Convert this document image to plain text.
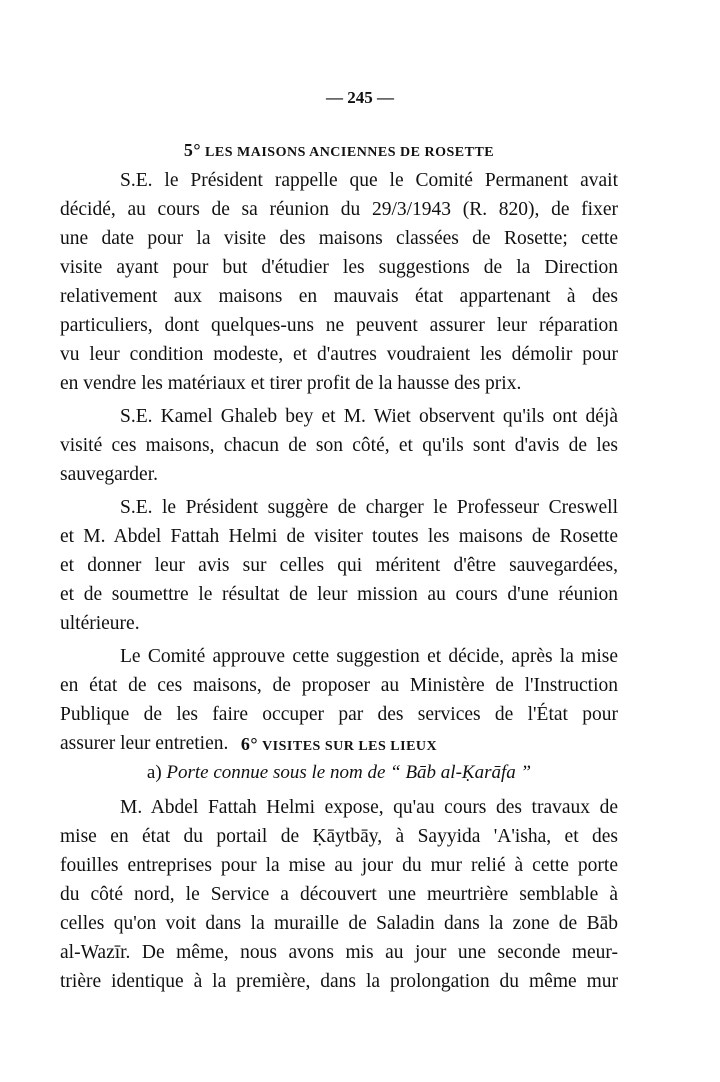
— 245 —
5° LES MAISONS ANCIENNES DE ROSETTE
S.E. le Président rappelle que le Comité Permanent avait
décidé, au cours de sa réunion du 29/3/1943 (R. 820), de fixer
une date pour la visite des maisons classées de Rosette; cette
visite ayant pour but d'étudier les suggestions de la Direction
relativement aux maisons en mauvais état appartenant à des
particuliers, dont quelques-uns ne peuvent assurer leur réparation
vu leur condition modeste, et d'autres voudraient les démolir pour
en vendre les matériaux et tirer profit de la hausse des prix.
S.E. Kamel Ghaleb bey et M. Wiet observent qu'ils ont déjà
visité ces maisons, chacun de son côté, et qu'ils sont d'avis de les
sauvegarder.
S.E. le Président suggère de charger le Professeur Creswell
et M. Abdel Fattah Helmi de visiter toutes les maisons de Rosette
et donner leur avis sur celles qui méritent d'être sauvegardées,
et de soumettre le résultat de leur mission au cours d'une réunion
ultérieure.
Le Comité approuve cette suggestion et décide, après la mise
en état de ces maisons, de proposer au Ministère de l'Instruction
Publique de les faire occuper par des services de l'État pour
assurer leur entretien. 6° VISITES SUR LES LIEUX
a) Porte connue sous le nom de “ Bāb al-Ḳarāfa ”
M. Abdel Fattah Helmi expose, qu'au cours des travaux de
mise en état du portail de Ḳāytbāy, à Sayyida 'A'isha, et des
fouilles entreprises pour la mise au jour du mur relié à cette porte
du côté nord, le Service a découvert une meurtrière semblable à
celles qu'on voit dans la muraille de Saladin dans la zone de Bāb
al-Wazīr. De même, nous avons mis au jour une seconde meur-
trière identique à la première, dans la prolongation du même mur
